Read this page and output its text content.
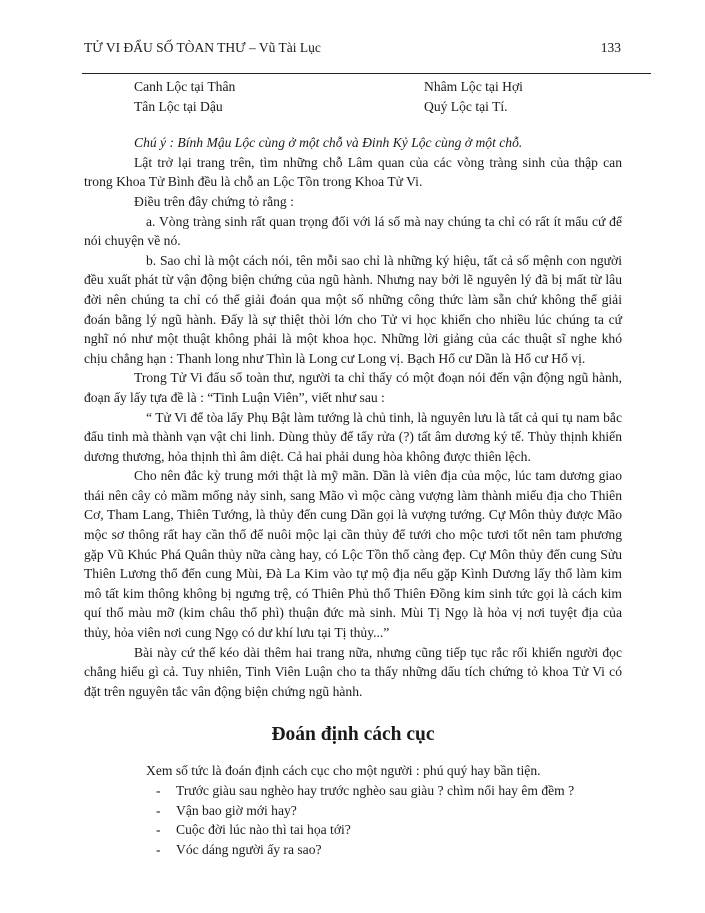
TỬ VI ĐẨU SỐ TÒAN THƯ – Vũ Tài Lục	133
Canh Lộc tại Thân	Nhâm Lộc tại Hợi
Tân Lộc tại Dậu	Quý Lộc tại Tí.

Chú ý : Bính Mậu Lộc cùng ở một chỗ và Đinh Kỷ Lộc cùng ở một chỗ.

Lật trở lại trang trên, tìm những chỗ Lâm quan của các vòng tràng sinh của thập can trong Khoa Tử Bình đều là chỗ an Lộc Tồn trong Khoa Tử Vi.

Điều trên đây chứng tỏ rằng :

a. Vòng tràng sinh rất quan trọng đối với lá số mà nay chúng ta chỉ có rất ít mẩu cứ để nói chuyện về nó.

b. Sao chỉ là một cách nói, tên mỗi sao chỉ là những ký hiệu, tất cả số mệnh con người đều xuất phát từ vận động biện chứng của ngũ hành. Nhưng nay bởi lẽ nguyên lý đã bị mất từ lâu đời nên chúng ta chỉ có thể giải đoán qua một số những công thức làm sẵn chứ không thể giải đoán bằng lý ngũ hành. Đấy là sự thiệt thòi lớn cho Tử vi học khiến cho nhiều lúc chúng ta cứ nghĩ nó như một thuật không phải là một khoa học. Những lời giảng của các thuật sĩ nghe khó chịu chẳng hạn : Thanh long như Thìn là Long cư Long vị. Bạch Hổ cư Dần là Hổ cư Hổ vị.

Trong Tử Vi đẩu số toàn thư, người ta chỉ thấy có một đoạn nói đến vận động ngũ hành, đoạn ấy lấy tựa đề là : “Tinh Luận Viên”, viết như sau :

“ Tử Vi để tòa lấy Phụ Bật làm tướng là chủ tinh, là nguyên lưu là tất cả qui tụ nam bắc đẩu tinh mà thành vạn vật chi linh. Dùng thủy để tẩy rửa (?) tất âm dương ký tế. Thủy thịnh khiến dương thương, hỏa thịnh thì âm diệt. Cả hai phải dung hòa không được thiên lệch.

Cho nên đắc kỳ trung mới thật là mỹ mãn. Dần là viên địa của mộc, lúc tam dương giao thái nên cây cỏ mầm mống nảy sinh, sang Mão vì mộc càng vượng làm thành miếu địa cho Thiên Cơ, Tham Lang, Thiên Tướng, là thủy đến cung Dần gọi là vượng tướng. Cự Môn thủy được Mão mộc sơ thông rất hay cần thổ để nuôi mộc lại cần thủy để tưới cho mộc tươi tốt nên tam phương gặp Vũ Khúc Phá Quân thủy nữa càng hay, có Lộc Tồn thổ càng đẹp. Cự Môn thủy đến cung Sửu Thiên Lương thổ đến cung Mùi, Đà La Kim vào tự mộ địa nếu gặp Kình Dương lấy thổ làm kim mô tất kim thông không bị ngưng trệ, có Thiên Phủ thổ Thiên Đồng kim sinh tức gọi là cách kim quí thổ màu mỡ (kim châu thổ phì) thuận đức mà sinh. Mùi Tị Ngọ là hỏa vị nơi tuyệt địa của thủy, hỏa viên nơi cung Ngọ có dư khí lưu tại Tị thủy...”

Bài này cứ thế kéo dài thêm hai trang nữa, nhưng cũng tiếp tục rắc rối khiến người đọc chẳng hiểu gì cả. Tuy nhiên, Tinh Viên Luận cho ta thấy những dấu tích chứng tỏ khoa Tử Vi có đặt trên nguyên tắc vân động biện chứng ngũ hành.

Đoán định cách cục

Xem số tức là đoán định cách cục cho một người : phú quý hay bần tiện.

-	Trước giàu sau nghèo hay trước nghèo sau giàu ? chìm nổi hay êm đềm ?
-	Vận bao giờ mới hay?
-	Cuộc đời lúc nào thì tai họa tới?
-	Vóc dáng người ấy ra sao?
